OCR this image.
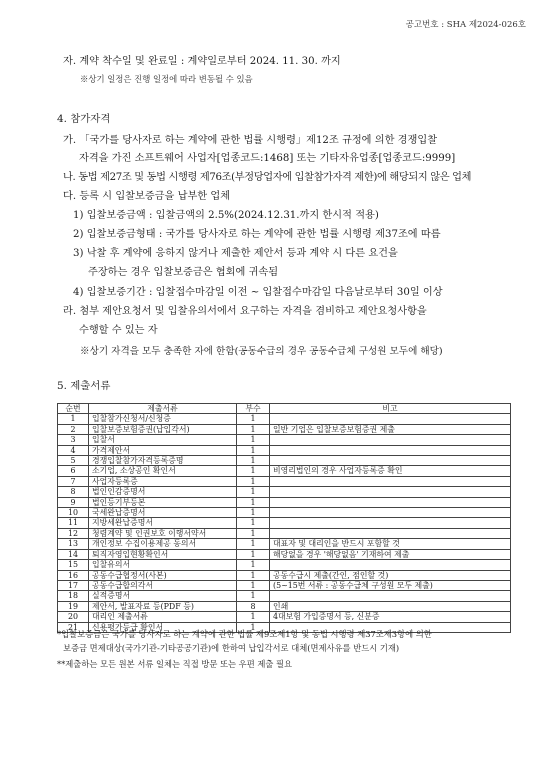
공고번호 : SHA 제2024-026호
자. 계약 착수일 및 완료일 : 계약일로부터 2024. 11. 30. 까지
※상기 일정은 진행 일정에 따라 변동될 수 있음
4. 참가자격
가. 「국가를 당사자로 하는 계약에 관한 법률 시행령」제12조 규정에 의한 경쟁입찰
자격을 가진 소프트웨어 사업자[업종코드:1468] 또는 기타자유업종[업종코드:9999]
나. 동법 제27조 및 동법 시행령 제76조(부정당업자에 입찰참가자격 제한)에 해당되지 않은 업체
다. 등록 시 입찰보증금을 납부한 업체
1) 입찰보증금액 : 입찰금액의 2.5%(2024.12.31.까지 한시적 적용)
2) 입찰보증금형태 : 국가를 당사자로 하는 계약에 관한 법률 시행령 제37조에 따름
3) 낙찰 후 계약에 응하지 않거나 제출한 제안서 등과 계약 시 다른 요건을
주장하는 경우 입찰보증금은 협회에 귀속됨
4) 입찰보증기간 : 입찰접수마감일 이전 ~ 입찰접수마감일 다음날로부터 30일 이상
라. 첨부 제안요청서 및 입찰유의서에서 요구하는 자격을 겸비하고 제안요청사항을
수행할 수 있는 자
※상기 자격을 모두 충족한 자에 한함(공동수급의 경우 공동수급체 구성원 모두에 해당)
5. 제출서류
순번	제출서류	부수	비고
1	입찰참가신청서/신청증	1	
2	입찰보증보험증권(납입각서)	1	일반 기업은 입찰보증보험증권 제출
3	입찰서	1	
4	가격제안서	1	
5	경쟁입찰참가자격등록증명	1	
6	소기업, 소상공인 확인서	1	비영리법인의 경우 사업자등록증 확인
7	사업자등록증	1	
8	법인인감증명서	1	
9	법인등기부등본	1	
10	국세완납증명서	1	
11	지방세완납증명서	1	
12	청렴계약 및 인권보호 이행서약서	1	
13	개인정보 수집이용제공 동의서	1	대표자 및 대리인을 반드시 포함할 것
14	퇴직자영입현황확인서	1	해당없을 경우 '해당없음' 기재하여 제출
15	입찰유의서	1	
16	공동수급협정서(사본)	1	공동수급시 제출(간인, 점인할 것)
17	공동수급합의각서	1	(5~15번 서류 : 공동수급체 구성원 모두 제출)
18	실적증명서	1	
19	제안서, 발표자료 등(PDF 등)	8	인쇄
20	대리인 제출서류	1	4대보험 가입증명서 등, 신분증
21	신용평가등급 확인서	1	
*입찰보증금은 국가를 당사자로 하는 계약에 관한 법률 제9조제1항 및 동법 시행령 제37조제3항에 의한
보증금 면제대상(국가기관-기타공공기관)에 한하여 납입각서로 대체(면제사유를 반드시 기재)
**제출하는 모든 원본 서류 일체는 직접 방문 또는 우편 제출 필요
